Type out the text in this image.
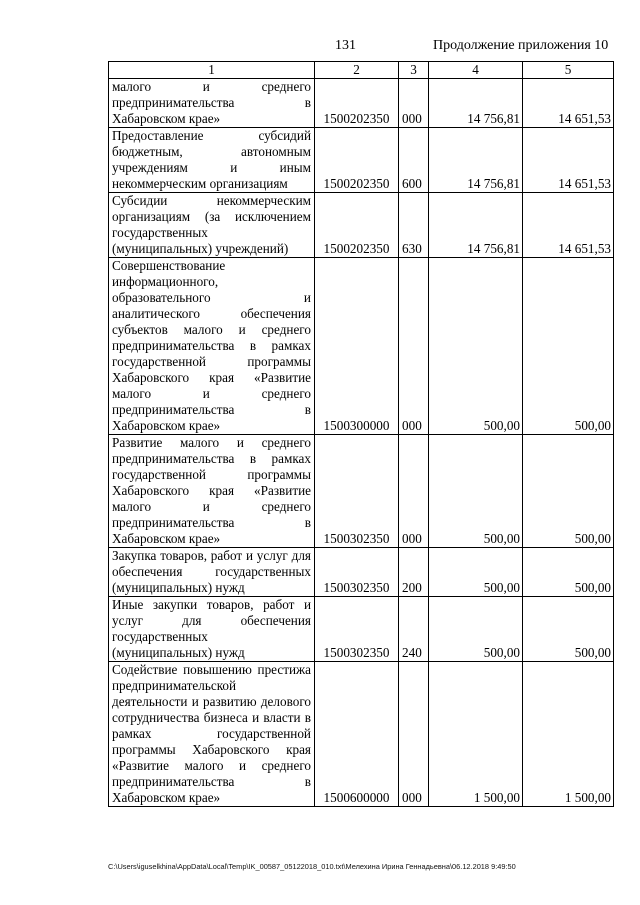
131	Продолжение приложения 10
1	2	3	4	5
малого и среднего предпринимательства в Хабаровском крае»	1500202350	000	14 756,81	14 651,53
Предоставление субсидий бюджетным, автономным учреждениям и иным некоммерческим организациям	1500202350	600	14 756,81	14 651,53
Субсидии некоммерческим организациям (за исключением государственных (муниципальных) учреждений)	1500202350	630	14 756,81	14 651,53
Совершенствование информационного, образовательного и аналитического обеспечения субъектов малого и среднего предпринимательства в рамках государственной программы Хабаровского края «Развитие малого и среднего предпринимательства в Хабаровском крае»	1500300000	000	500,00	500,00
Развитие малого и среднего предпринимательства в рамках государственной программы Хабаровского края «Развитие малого и среднего предпринимательства в Хабаровском крае»	1500302350	000	500,00	500,00
Закупка товаров, работ и услуг для обеспечения государственных (муниципальных) нужд	1500302350	200	500,00	500,00
Иные закупки товаров, работ и услуг для обеспечения государственных (муниципальных) нужд	1500302350	240	500,00	500,00
Содействие повышению престижа предпринимательской деятельности и развитию делового сотрудничества бизнеса и власти в рамках государственной программы Хабаровского края «Развитие малого и среднего предпринимательства в Хабаровском крае»	1500600000	000	1 500,00	1 500,00
C:\Users\iguselkhina\AppData\Local\Temp\IK_00587_05122018_010.txt\Мелехина Ирина Геннадьевна\06.12.2018 9:49:50
